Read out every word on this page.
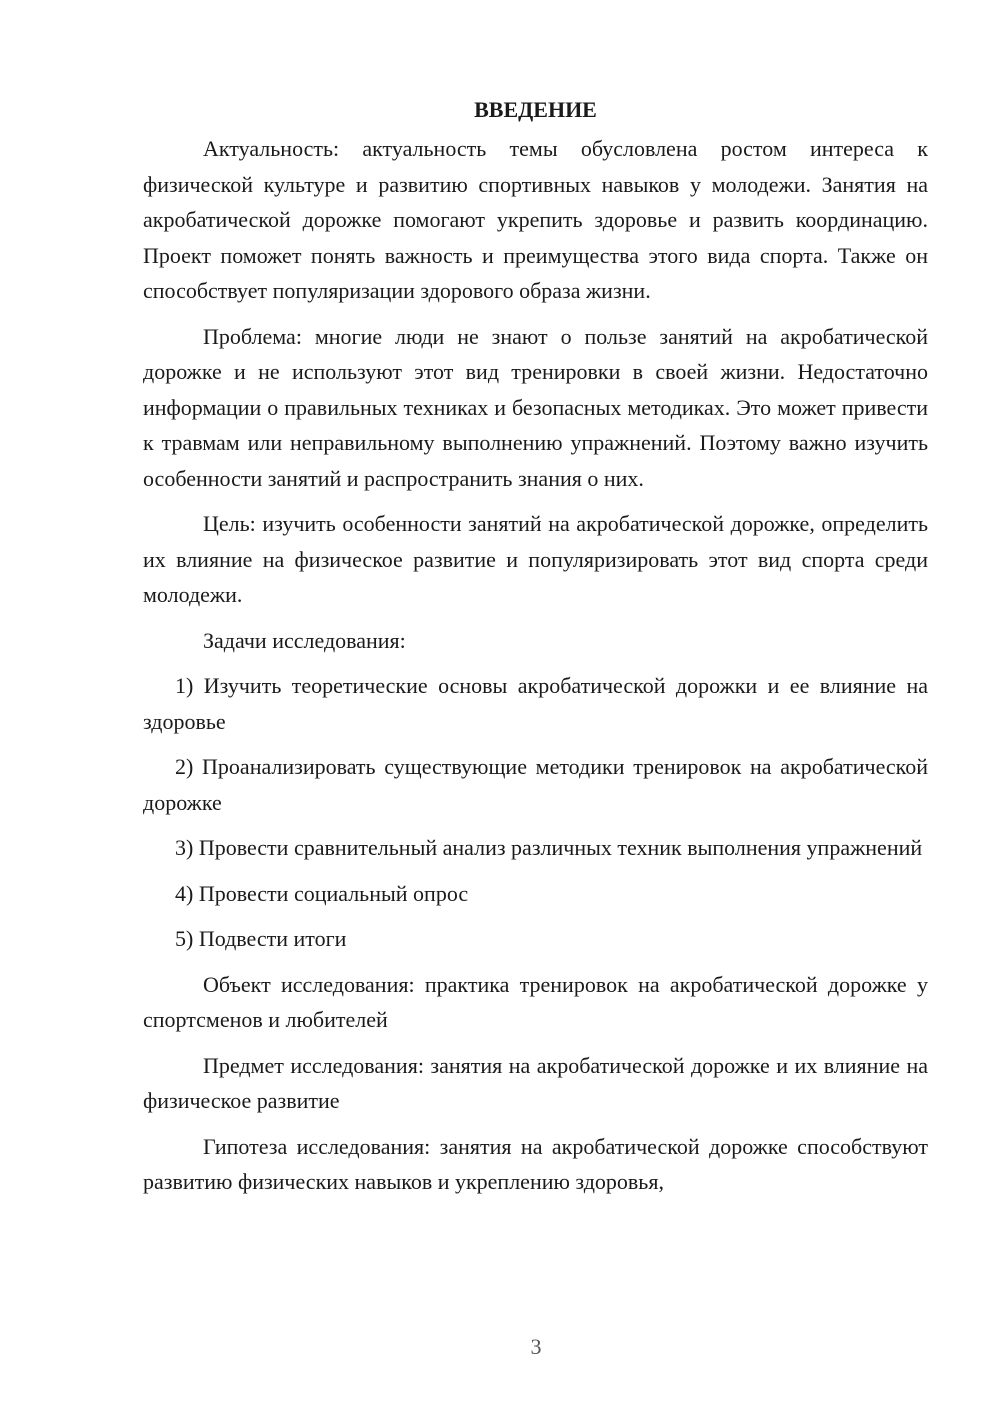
ВВЕДЕНИЕ

Актуальность: актуальность темы обусловлена ростом интереса к физической культуре и развитию спортивных навыков у молодежи. Занятия на акробатической дорожке помогают укрепить здоровье и развить координацию. Проект поможет понять важность и преимущества этого вида спорта. Также он способствует популяризации здорового образа жизни.

Проблема: многие люди не знают о пользе занятий на акробатической дорожке и не используют этот вид тренировки в своей жизни. Недостаточно информации о правильных техниках и безопасных методиках. Это может привести к травмам или неправильному выполнению упражнений. Поэтому важно изучить особенности занятий и распространить знания о них.

Цель: изучить особенности занятий на акробатической дорожке, определить их влияние на физическое развитие и популяризировать этот вид спорта среди молодежи.

Задачи исследования:

1) Изучить теоретические основы акробатической дорожки и ее влияние на здоровье

2) Проанализировать существующие методики тренировок на акробатической дорожке

3) Провести сравнительный анализ различных техник выполнения упражнений

4) Провести социальный опрос

5) Подвести итоги

Объект исследования: практика тренировок на акробатической дорожке у спортсменов и любителей

Предмет исследования: занятия на акробатической дорожке и их влияние на физическое развитие

Гипотеза исследования: занятия на акробатической дорожке способствуют развитию физических навыков и укреплению здоровья,

3
